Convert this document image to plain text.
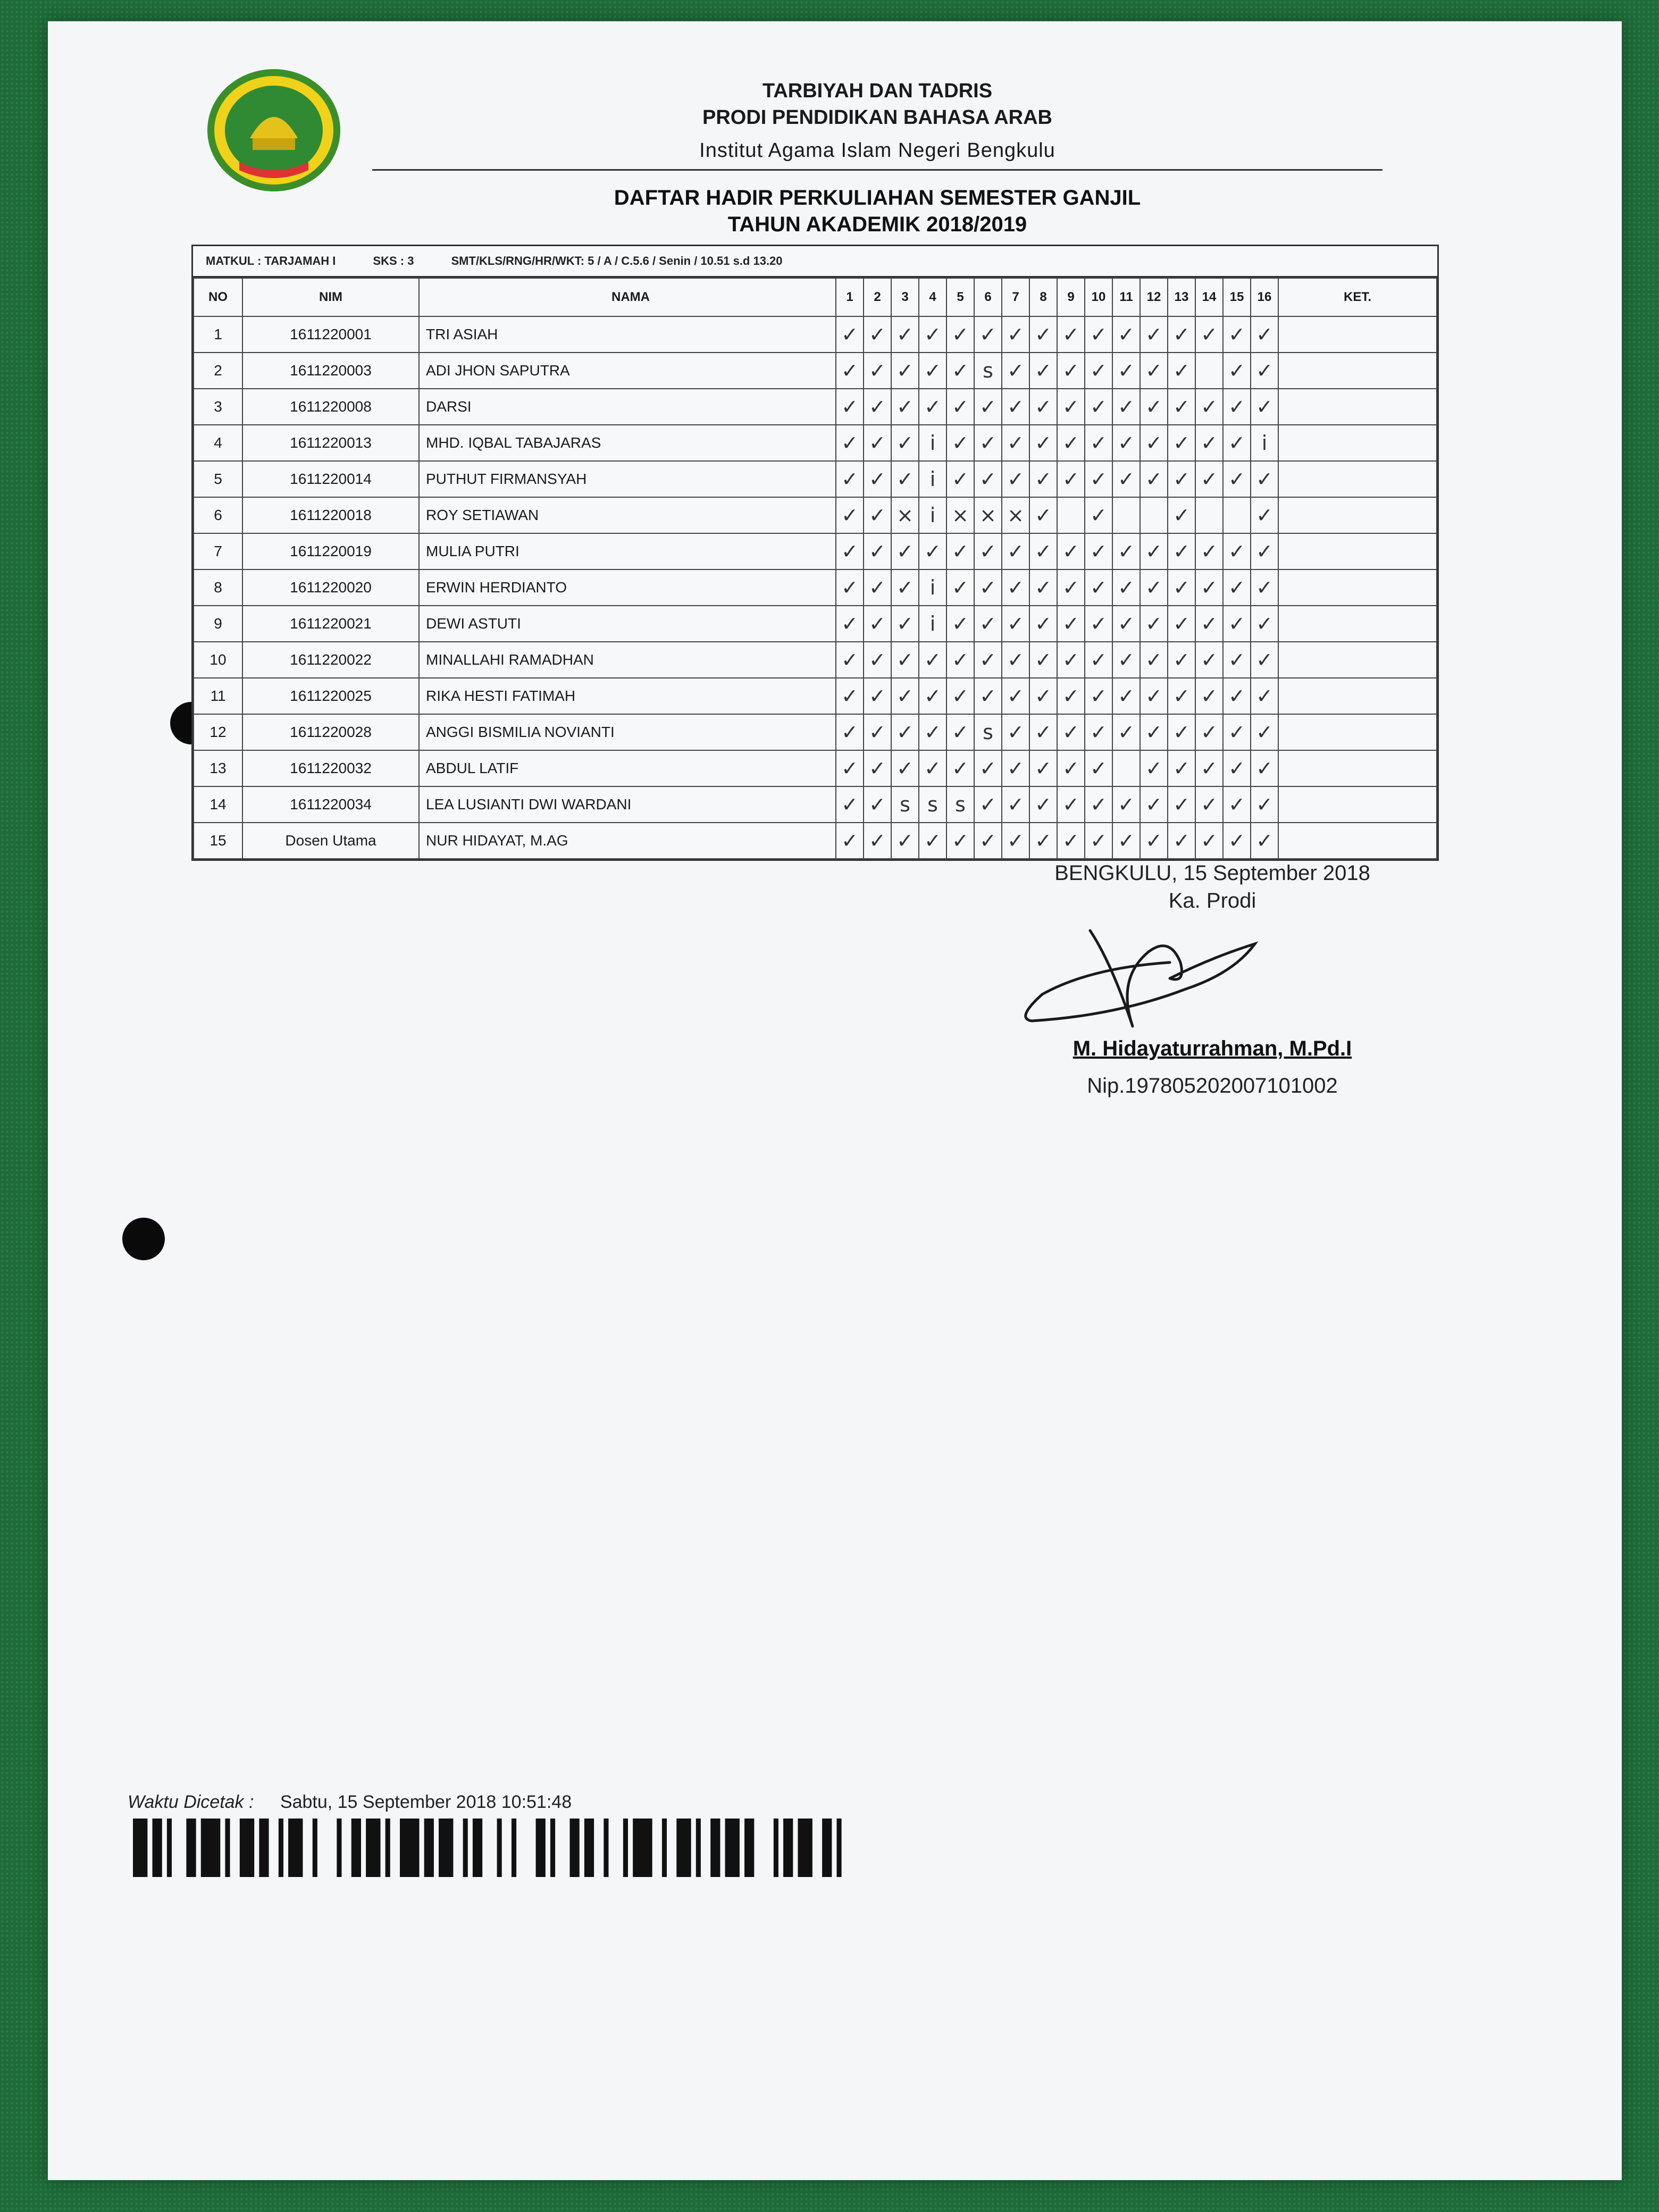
TARBIYAH DAN TADRIS
PRODI PENDIDIKAN BAHASA ARAB
Institut Agama Islam Negeri Bengkulu
DAFTAR HADIR PERKULIAHAN SEMESTER GANJIL
TAHUN AKADEMIK 2018/2019
MATKUL : TARJAMAH I	SKS : 3	SMT/KLS/RNG/HR/WKT: 5 / A / C.5.6 / Senin / 10.51 s.d 13.20
NO	NIM	NAMA	1	2	3	4	5	6	7	8	9	10	11	12	13	14	15	16	KET.
1	1611220001	TRI ASIAH	✓	✓	✓	✓	✓	✓	✓	✓	✓	✓	✓	✓	✓	✓	✓	✓	
2	1611220003	ADI JHON SAPUTRA	✓	✓	✓	✓	✓	s	✓	✓	✓	✓	✓	✓	✓		✓	✓	
3	1611220008	DARSI	✓	✓	✓	✓	✓	✓	✓	✓	✓	✓	✓	✓	✓	✓	✓	✓	
4	1611220013	MHD. IQBAL TABAJARAS	✓	✓	✓	i	✓	✓	✓	✓	✓	✓	✓	✓	✓	✓	✓	i	
5	1611220014	PUTHUT FIRMANSYAH	✓	✓	✓	i	✓	✓	✓	✓	✓	✓	✓	✓	✓	✓	✓	✓	
6	1611220018	ROY SETIAWAN	✓	✓	×	i	×	×	×	✓		✓			✓			✓	
7	1611220019	MULIA PUTRI	✓	✓	✓	✓	✓	✓	✓	✓	✓	✓	✓	✓	✓	✓	✓	✓	
8	1611220020	ERWIN HERDIANTO	✓	✓	✓	i	✓	✓	✓	✓	✓	✓	✓	✓	✓	✓	✓	✓	
9	1611220021	DEWI ASTUTI	✓	✓	✓	i	✓	✓	✓	✓	✓	✓	✓	✓	✓	✓	✓	✓	
10	1611220022	MINALLAHI RAMADHAN	✓	✓	✓	✓	✓	✓	✓	✓	✓	✓	✓	✓	✓	✓	✓	✓	
11	1611220025	RIKA HESTI FATIMAH	✓	✓	✓	✓	✓	✓	✓	✓	✓	✓	✓	✓	✓	✓	✓	✓	
12	1611220028	ANGGI BISMILIA NOVIANTI	✓	✓	✓	✓	✓	s	✓	✓	✓	✓	✓	✓	✓	✓	✓	✓	
13	1611220032	ABDUL LATIF	✓	✓	✓	✓	✓	✓	✓	✓	✓	✓		✓	✓	✓	✓	✓	
14	1611220034	LEA LUSIANTI DWI WARDANI	✓	✓	s	s	s	✓	✓	✓	✓	✓	✓	✓	✓	✓	✓	✓	
15	Dosen Utama	NUR HIDAYAT, M.AG	✓	✓	✓	✓	✓	✓	✓	✓	✓	✓	✓	✓	✓	✓	✓	✓	
BENGKULU, 15 September 2018
Ka. Prodi
M. Hidayaturrahman, M.Pd.I
Nip.197805202007101002
Waktu Dicetak : Sabtu, 15 September 2018 10:51:48
